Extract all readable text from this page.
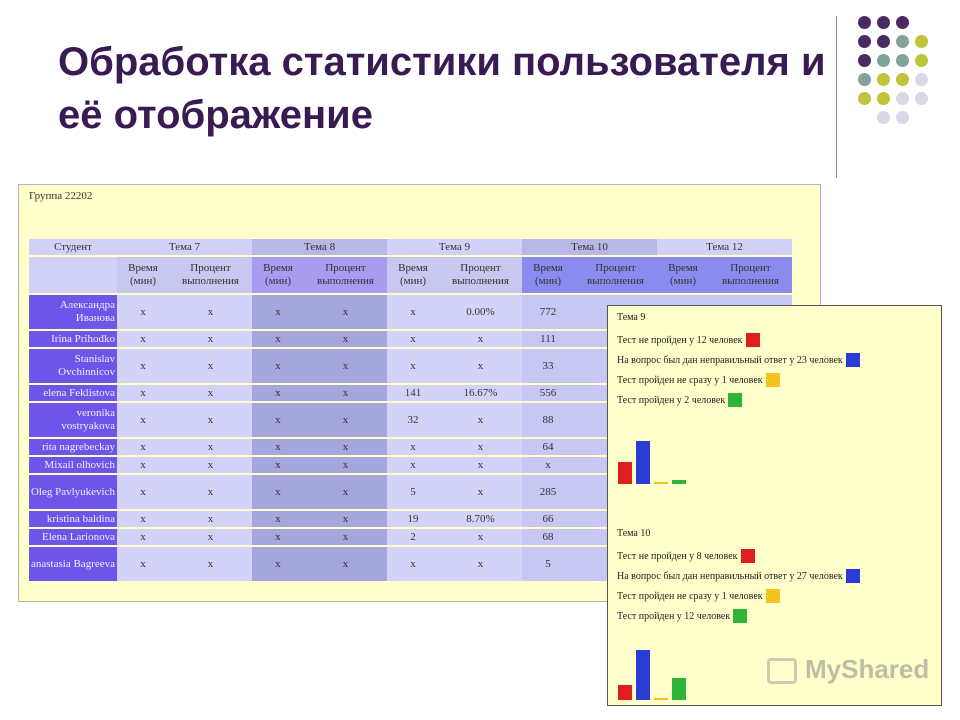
Обработка статистики пользователя и её отображение
Группа 22202
Студент	Тема 7		Тема 8		Тема 9		Тема 10		Тема 12	
	Время (мин)	Процент выполнения	Время (мин)	Процент выполнения	Время (мин)	Процент выполнения	Время (мин)	Процент выполнения	Время (мин)	Процент выполнения
Александра Иванова	x	x	x	x	x	0.00%	772			
Irina Prihodko	x	x	x	x	x	x	111			
Stanislav Ovchinnicov	x	x	x	x	x	x	33			
elena Feklistova	x	x	x	x	141	16.67%	556			
veronika vostryakova	x	x	x	x	32	x	88			
rita nagrebeckay	x	x	x	x	x	x	64			
Mixail olhovich	x	x	x	x	x	x	x			
Oleg Pavlyukevich	x	x	x	x	5	x	285			
kristina baldina	x	x	x	x	19	8.70%	66			
Elena Larionova	x	x	x	x	2	x	68			
anastasia Bagreeva	x	x	x	x	x	x	5			
Тема 9
Тест не пройден у 12 человек
На вопрос был дан неправильный ответ у 23 человек
Тест пройден не сразу у 1 человек
Тест пройден у 2 человек
Тема 10
Тест не пройден у 8 человек
На вопрос был дан неправильный ответ у 27 человек
Тест пройден не сразу у 1 человек
Тест пройден у 12 человек
MyShared
